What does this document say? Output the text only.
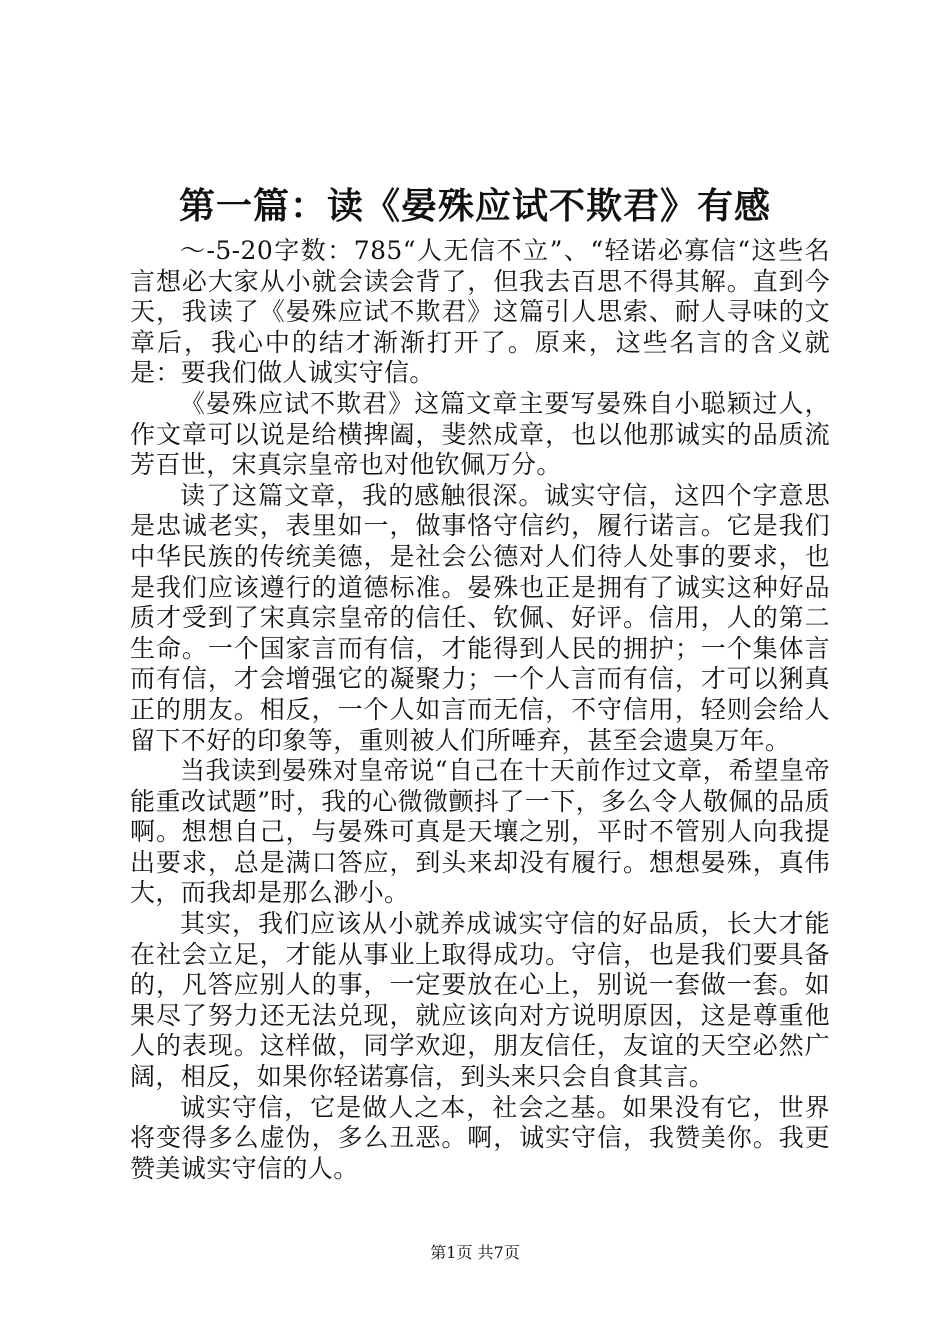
第一篇：读《晏殊应试不欺君》有感

～-5-20字数：785“人无信不立”、“轻诺必寡信“这些名言想必大家从小就会读会背了，但我去百思不得其解。直到今天，我读了《晏殊应试不欺君》这篇引人思索、耐人寻味的文章后，我心中的结才渐渐打开了。原来，这些名言的含义就是：要我们做人诚实守信。

《晏殊应试不欺君》这篇文章主要写晏殊自小聪颖过人，作文章可以说是给横捭阖，斐然成章，也以他那诚实的品质流芳百世，宋真宗皇帝也对他钦佩万分。

读了这篇文章，我的感触很深。诚实守信，这四个字意思是忠诚老实，表里如一，做事恪守信约，履行诺言。它是我们中华民族的传统美德，是社会公德对人们待人处事的要求，也是我们应该遵行的道德标准。晏殊也正是拥有了诚实这种好品质才受到了宋真宗皇帝的信任、钦佩、好评。信用，人的第二生命。一个国家言而有信，才能得到人民的拥护；一个集体言而有信，才会增强它的凝聚力；一个人言而有信，才可以猁真正的朋友。相反，一个人如言而无信，不守信用，轻则会给人留下不好的印象等，重则被人们所唾弃，甚至会遗臭万年。

当我读到晏殊对皇帝说“自己在十天前作过文章，希望皇帝能重改试题”时，我的心微微颤抖了一下，多么令人敬佩的品质啊。想想自己，与晏殊可真是天壤之别，平时不管别人向我提出要求，总是满口答应，到头来却没有履行。想想晏殊，真伟大，而我却是那么渺小。

其实，我们应该从小就养成诚实守信的好品质，长大才能在社会立足，才能从事业上取得成功。守信，也是我们要具备的，凡答应别人的事，一定要放在心上，别说一套做一套。如果尽了努力还无法兑现，就应该向对方说明原因，这是尊重他人的表现。这样做，同学欢迎，朋友信任，友谊的天空必然广阔，相反，如果你轻诺寡信，到头来只会自食其言。

诚实守信，它是做人之本，社会之基。如果没有它，世界将变得多么虚伪，多么丑恶。啊，诚实守信，我赞美你。我更赞美诚实守信的人。

第1页 共7页
